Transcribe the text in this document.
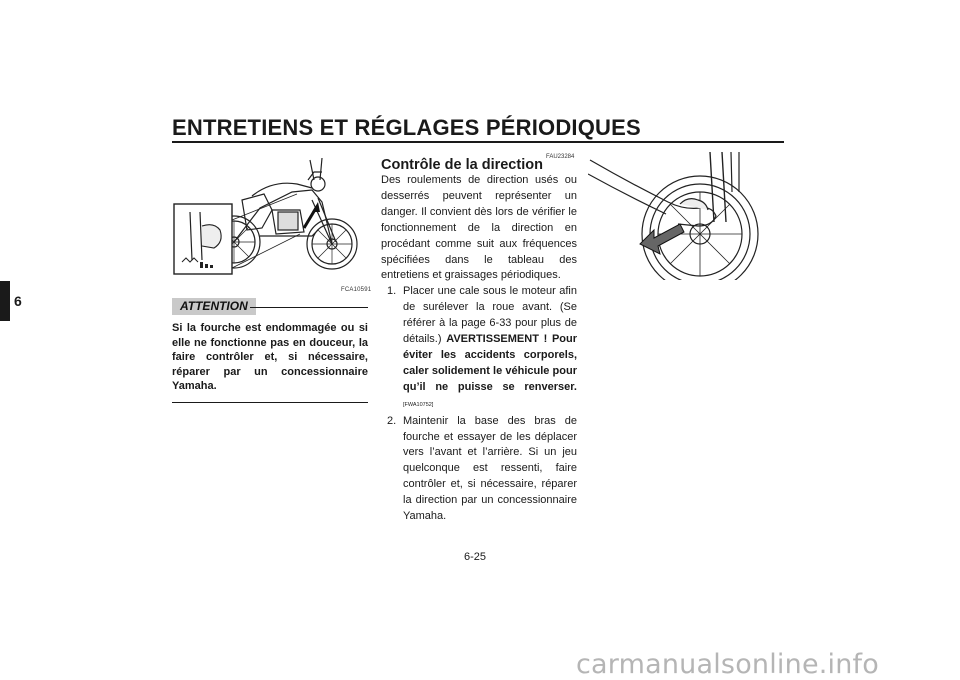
ENTRETIENS ET RÉGLAGES PÉRIODIQUES
6
FCA10591
ATTENTION
Si la fourche est endommagée ou si elle ne fonctionne pas en douceur, la faire contrôler et, si nécessaire, réparer par un concessionnaire Yamaha.
FAU23284
Contrôle de la direction
Des roulements de direction usés ou desserrés peuvent représenter un danger. Il convient dès lors de vérifier le fonctionnement de la direction en procédant comme suit aux fréquences spécifiées dans le tableau des entretiens et graissages périodiques.
1. Placer une cale sous le moteur afin de surélever la roue avant. (Se référer à la page 6-33 pour plus de détails.) AVERTISSEMENT ! Pour éviter les accidents corporels, caler solidement le véhicule pour qu’il ne puisse se renverser. [FWA10752]
2. Maintenir la base des bras de fourche et essayer de les déplacer vers l’avant et l’arrière. Si un jeu quelconque est ressenti, faire contrôler et, si nécessaire, réparer la direction par un concessionnaire Yamaha.
6-25
carmanualsonline.info
